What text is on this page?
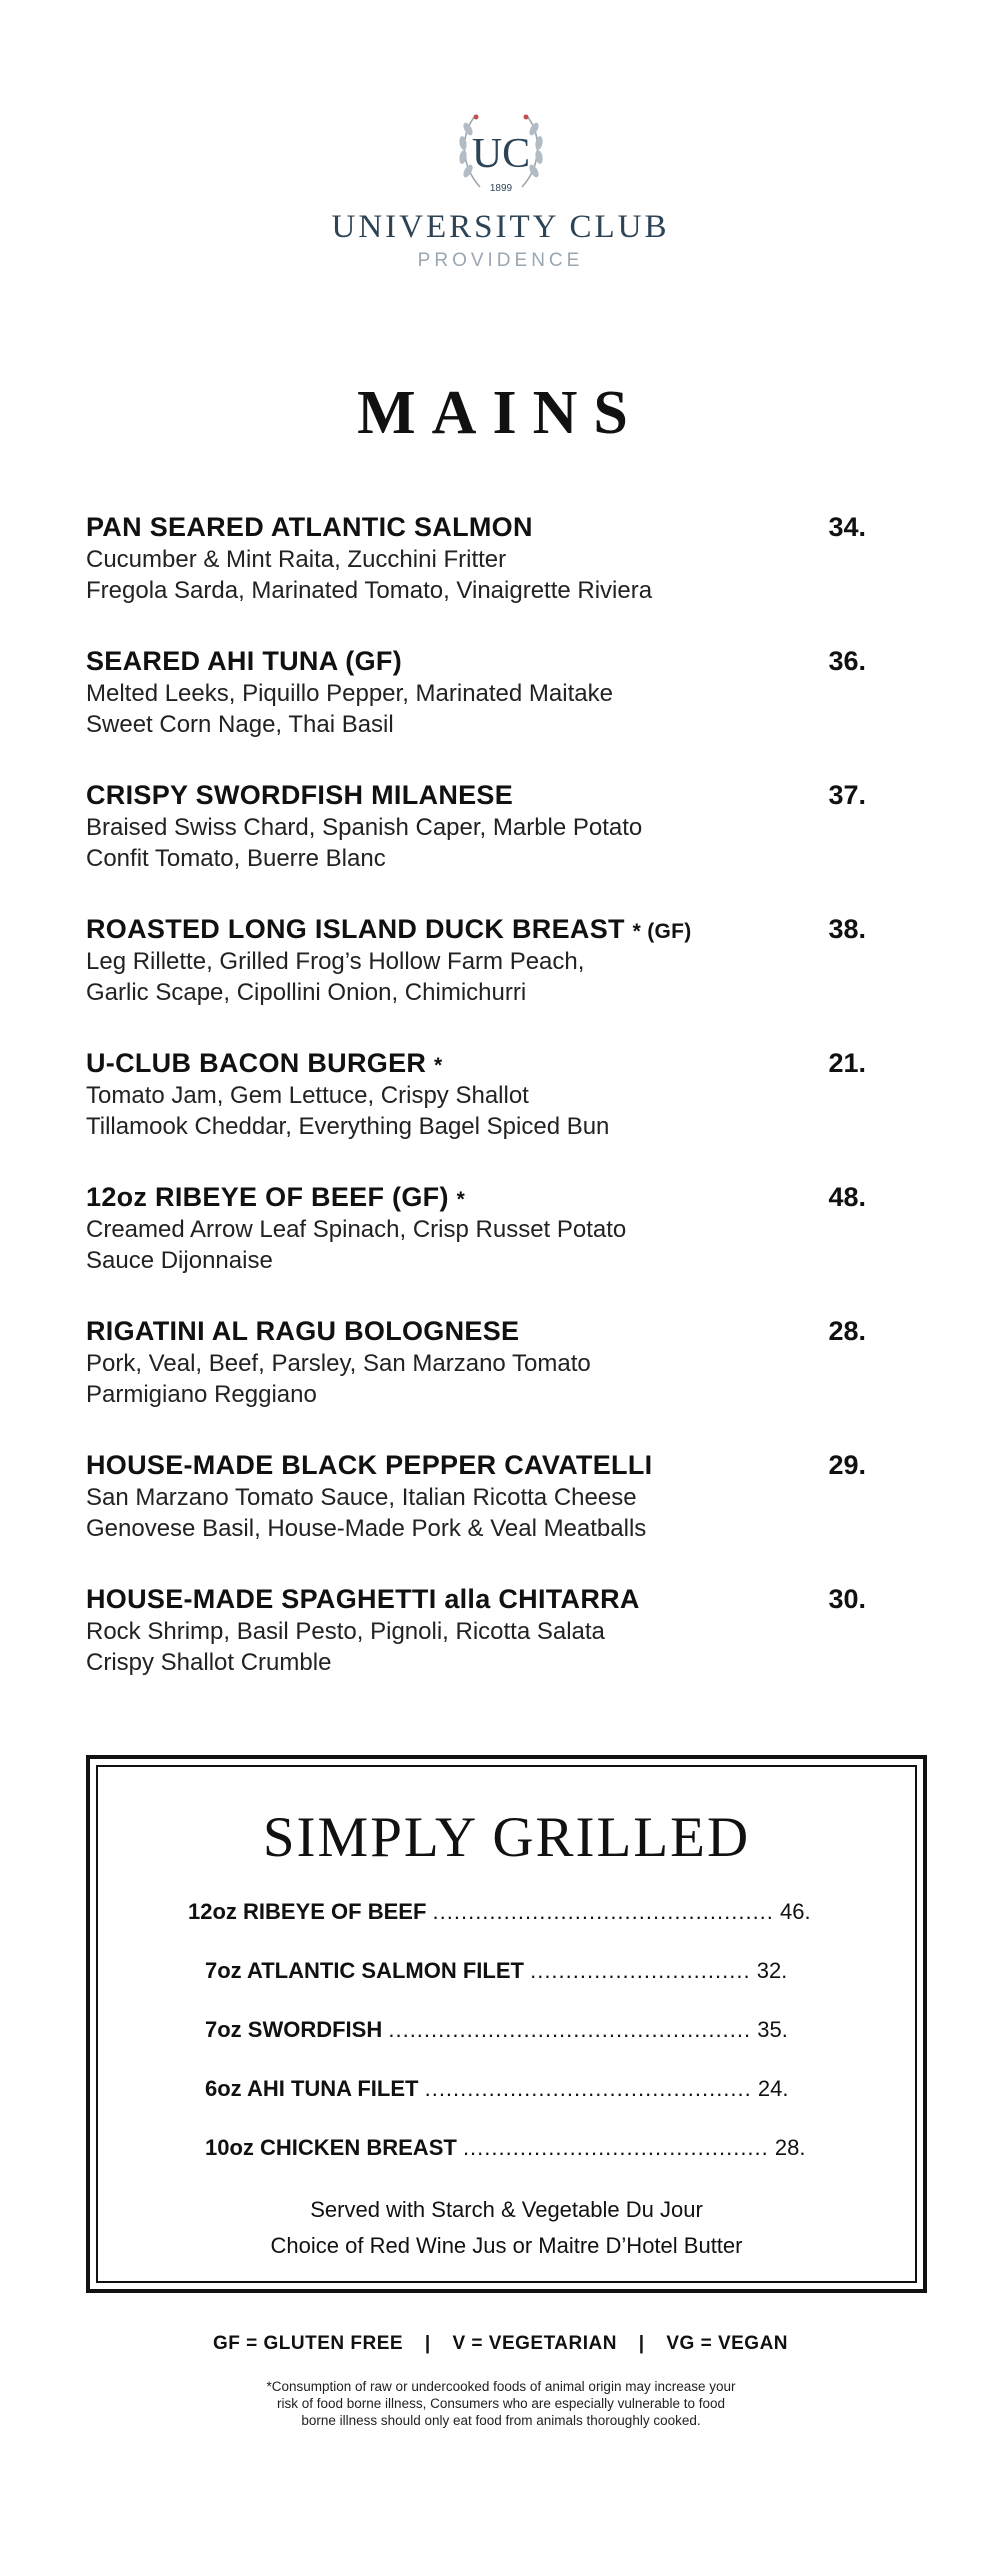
UC
1899
UNIVERSITY CLUB
PROVIDENCE
MAINS
PAN SEARED ATLANTIC SALMON	34.
Cucumber & Mint Raita, Zucchini Fritter
Fregola Sarda, Marinated Tomato, Vinaigrette Riviera
SEARED AHI TUNA (GF)	36.
Melted Leeks, Piquillo Pepper, Marinated Maitake
Sweet Corn Nage, Thai Basil
CRISPY SWORDFISH MILANESE	37.
Braised Swiss Chard, Spanish Caper, Marble Potato
Confit Tomato, Buerre Blanc
ROASTED LONG ISLAND DUCK BREAST * (GF)	38.
Leg Rillette, Grilled Frog’s Hollow Farm Peach,
Garlic Scape, Cipollini Onion, Chimichurri
U-CLUB BACON BURGER *	21.
Tomato Jam, Gem Lettuce, Crispy Shallot
Tillamook Cheddar, Everything Bagel Spiced Bun
12oz RIBEYE OF BEEF (GF) *	48.
Creamed Arrow Leaf Spinach, Crisp Russet Potato
Sauce Dijonnaise
RIGATINI AL RAGU BOLOGNESE	28.
Pork, Veal, Beef, Parsley, San Marzano Tomato
Parmigiano Reggiano
HOUSE-MADE BLACK PEPPER CAVATELLI	29.
San Marzano Tomato Sauce, Italian Ricotta Cheese
Genovese Basil, House-Made Pork & Veal Meatballs
HOUSE-MADE SPAGHETTI alla CHITARRA	30.
Rock Shrimp, Basil Pesto, Pignoli, Ricotta Salata
Crispy Shallot Crumble
SIMPLY GRILLED
12oz RIBEYE OF BEEF ................................................ 46.
7oz ATLANTIC SALMON FILET ............................... 32.
7oz SWORDFISH ................................................... 35.
6oz AHI TUNA FILET .............................................. 24.
10oz CHICKEN BREAST ........................................... 28.
Served with Starch & Vegetable Du Jour
Choice of Red Wine Jus or Maitre D’Hotel Butter
GF = GLUTEN FREE | V = VEGETARIAN | VG = VEGAN
*Consumption of raw or undercooked foods of animal origin may increase your
risk of food borne illness, Consumers who are especially vulnerable to food
borne illness should only eat food from animals thoroughly cooked.
